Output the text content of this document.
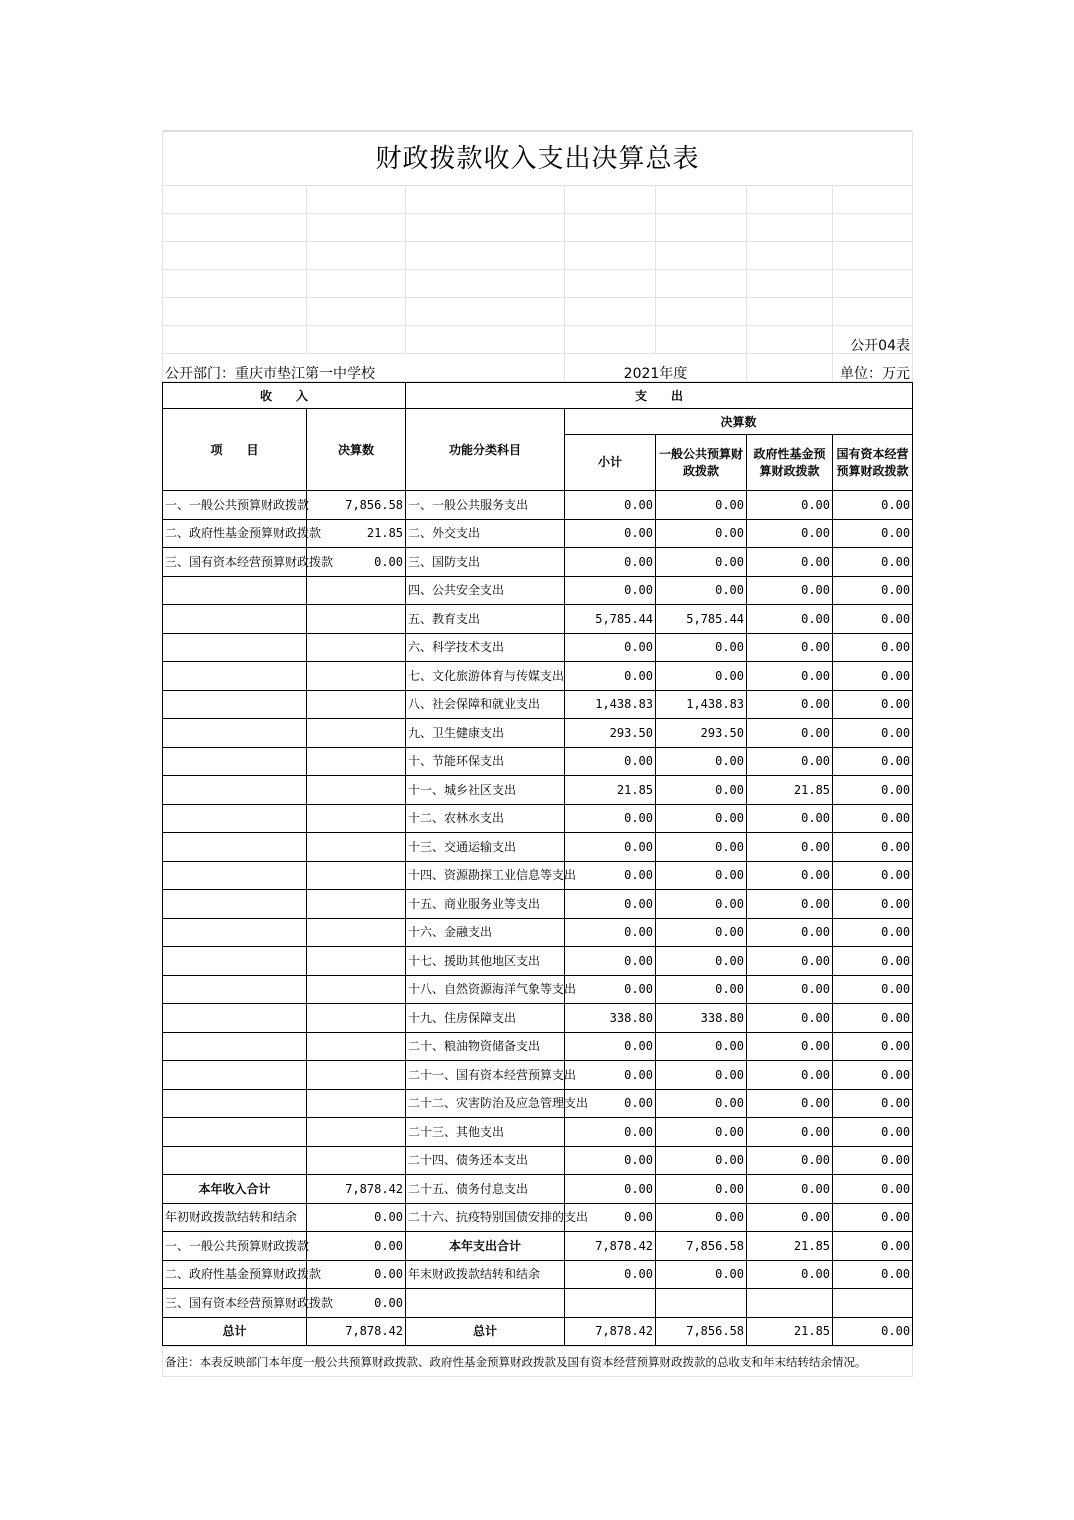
财政拨款收入支出决算总表						

						公开04表
公开部门：重庆市垫江第一中学校			2021年度			单位：万元
收　　入		支　　出				
项　　目	决算数	功能分类科目	决算数			
			小计	一般公共预算财政拨款	政府性基金预算财政拨款	国有资本经营预算财政拨款
一、一般公共预算财政拨款	7,856.58	一、一般公共服务支出	0.00	0.00	0.00	0.00
二、政府性基金预算财政拨款	21.85	二、外交支出	0.00	0.00	0.00	0.00
三、国有资本经营预算财政拨款	0.00	三、国防支出	0.00	0.00	0.00	0.00
		四、公共安全支出	0.00	0.00	0.00	0.00
		五、教育支出	5,785.44	5,785.44	0.00	0.00
		六、科学技术支出	0.00	0.00	0.00	0.00
		七、文化旅游体育与传媒支出	0.00	0.00	0.00	0.00
		八、社会保障和就业支出	1,438.83	1,438.83	0.00	0.00
		九、卫生健康支出	293.50	293.50	0.00	0.00
		十、节能环保支出	0.00	0.00	0.00	0.00
		十一、城乡社区支出	21.85	0.00	21.85	0.00
		十二、农林水支出	0.00	0.00	0.00	0.00
		十三、交通运输支出	0.00	0.00	0.00	0.00
		十四、资源勘探工业信息等支出	0.00	0.00	0.00	0.00
		十五、商业服务业等支出	0.00	0.00	0.00	0.00
		十六、金融支出	0.00	0.00	0.00	0.00
		十七、援助其他地区支出	0.00	0.00	0.00	0.00
		十八、自然资源海洋气象等支出	0.00	0.00	0.00	0.00
		十九、住房保障支出	338.80	338.80	0.00	0.00
		二十、粮油物资储备支出	0.00	0.00	0.00	0.00
		二十一、国有资本经营预算支出	0.00	0.00	0.00	0.00
		二十二、灾害防治及应急管理支出	0.00	0.00	0.00	0.00
		二十三、其他支出	0.00	0.00	0.00	0.00
		二十四、债务还本支出	0.00	0.00	0.00	0.00
本年收入合计	7,878.42	二十五、债务付息支出	0.00	0.00	0.00	0.00
年初财政拨款结转和结余	0.00	二十六、抗疫特别国债安排的支出	0.00	0.00	0.00	0.00
一、一般公共预算财政拨款	0.00	本年支出合计	7,878.42	7,856.58	21.85	0.00
二、政府性基金预算财政拨款	0.00	年末财政拨款结转和结余	0.00	0.00	0.00	0.00
三、国有资本经营预算财政拨款	0.00					
总计	7,878.42	总计	7,878.42	7,856.58	21.85	0.00
备注：本表反映部门本年度一般公共预算财政拨款、政府性基金预算财政拨款及国有资本经营预算财政拨款的总收支和年末结转结余情况。
